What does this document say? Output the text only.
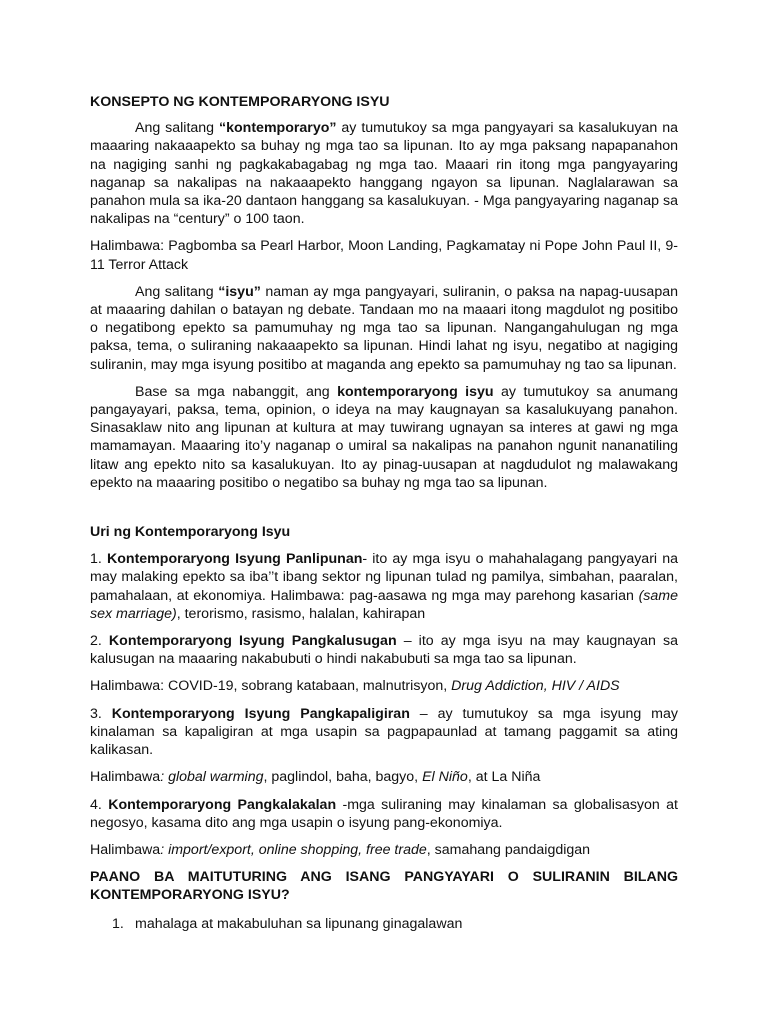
KONSEPTO NG KONTEMPORARYONG ISYU

Ang salitang “kontemporaryo” ay tumutukoy sa mga pangyayari sa kasalukuyan na maaaring nakaaapekto sa buhay ng mga tao sa lipunan. Ito ay mga paksang napapanahon na nagiging sanhi ng pagkakabagabag ng mga tao. Maaari rin itong mga pangyayaring naganap sa nakalipas na nakaaapekto hanggang ngayon sa lipunan. Naglalarawan sa panahon mula sa ika-20 dantaon hanggang sa kasalukuyan. - Mga pangyayaring naganap sa nakalipas na “century” o 100 taon.

Halimbawa: Pagbomba sa Pearl Harbor, Moon Landing, Pagkamatay ni Pope John Paul II, 9-11 Terror Attack

Ang salitang “isyu” naman ay mga pangyayari, suliranin, o paksa na napag-uusapan at maaaring dahilan o batayan ng debate. Tandaan mo na maaari itong magdulot ng positibo o negatibong epekto sa pamumuhay ng mga tao sa lipunan. Nangangahulugan ng mga paksa, tema, o suliraning nakaaapekto sa lipunan. Hindi lahat ng isyu, negatibo at nagiging suliranin, may mga isyung positibo at maganda ang epekto sa pamumuhay ng tao sa lipunan.

Base sa mga nabanggit, ang kontemporaryong isyu ay tumutukoy sa anumang pangayayari, paksa, tema, opinion, o ideya na may kaugnayan sa kasalukuyang panahon. Sinasaklaw nito ang lipunan at kultura at may tuwirang ugnayan sa interes at gawi ng mga mamamayan. Maaaring ito’y naganap o umiral sa nakalipas na panahon ngunit nananatiling litaw ang epekto nito sa kasalukuyan. Ito ay pinag-uusapan at nagdudulot ng malawakang epekto na maaaring positibo o negatibo sa buhay ng mga tao sa lipunan.

Uri ng Kontemporaryong Isyu

1. Kontemporaryong Isyung Panlipunan- ito ay mga isyu o mahahalagang pangyayari na may malaking epekto sa iba’’t ibang sektor ng lipunan tulad ng pamilya, simbahan, paaralan, pamahalaan, at ekonomiya. Halimbawa: pag-aasawa ng mga may parehong kasarian (same sex marriage), terorismo, rasismo, halalan, kahirapan

2. Kontemporaryong Isyung Pangkalusugan – ito ay mga isyu na may kaugnayan sa kalusugan na maaaring nakabubuti o hindi nakabubuti sa mga tao sa lipunan.

Halimbawa: COVID-19, sobrang katabaan, malnutrisyon, Drug Addiction, HIV / AIDS

3. Kontemporaryong Isyung Pangkapaligiran – ay tumutukoy sa mga isyung may kinalaman sa kapaligiran at mga usapin sa pagpapaunlad at tamang paggamit sa ating kalikasan.

Halimbawa: global warming, paglindol, baha, bagyo, El Niño, at La Niña

4. Kontemporaryong Pangkalakalan -mga suliraning may kinalaman sa globalisasyon at negosyo, kasama dito ang mga usapin o isyung pang-ekonomiya.

Halimbawa: import/export, online shopping, free trade, samahang pandaigdigan

PAANO BA MAITUTURING ANG ISANG PANGYAYARI O SULIRANIN BILANG
KONTEMPORARYONG ISYU?
1. mahalaga at makabuluhan sa lipunang ginagalawan
